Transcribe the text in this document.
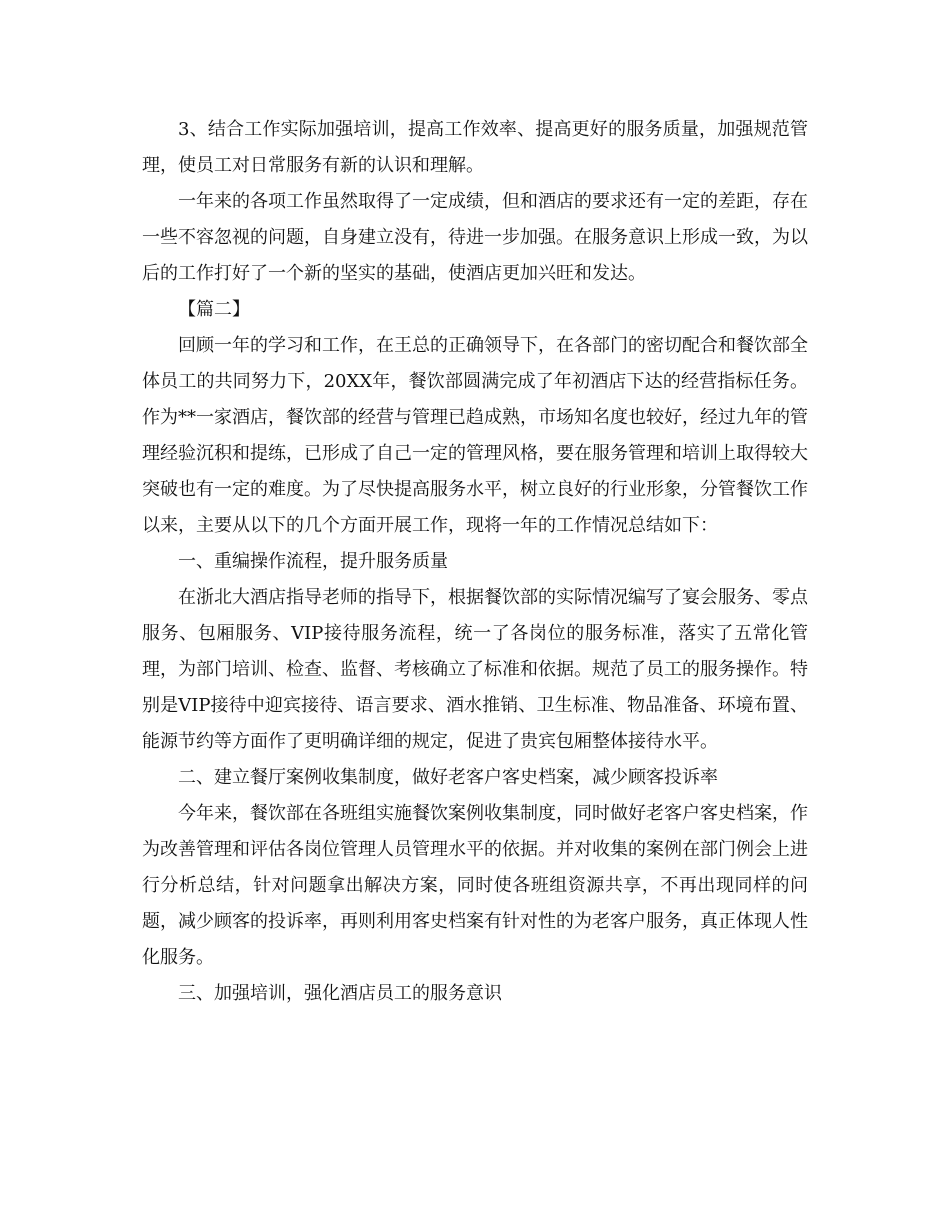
3、结合工作实际加强培训，提高工作效率、提高更好的服务质量，加强规范管理，使员工对日常服务有新的认识和理解。

一年来的各项工作虽然取得了一定成绩，但和酒店的要求还有一定的差距，存在一些不容忽视的问题，自身建立没有，待进一步加强。在服务意识上形成一致，为以后的工作打好了一个新的坚实的基础，使酒店更加兴旺和发达。

【篇二】

回顾一年的学习和工作，在王总的正确领导下，在各部门的密切配合和餐饮部全体员工的共同努力下，20XX年，餐饮部圆满完成了年初酒店下达的经营指标任务。作为**一家酒店，餐饮部的经营与管理已趋成熟，市场知名度也较好，经过九年的管理经验沉积和提练，已形成了自己一定的管理风格，要在服务管理和培训上取得较大突破也有一定的难度。为了尽快提高服务水平，树立良好的行业形象，分管餐饮工作以来，主要从以下的几个方面开展工作，现将一年的工作情况总结如下：

一、重编操作流程，提升服务质量

在浙北大酒店指导老师的指导下，根据餐饮部的实际情况编写了宴会服务、零点服务、包厢服务、VIP接待服务流程，统一了各岗位的服务标准，落实了五常化管理，为部门培训、检查、监督、考核确立了标准和依据。规范了员工的服务操作。特别是VIP接待中迎宾接待、语言要求、酒水推销、卫生标准、物品准备、环境布置、能源节约等方面作了更明确详细的规定，促进了贵宾包厢整体接待水平。

二、建立餐厅案例收集制度，做好老客户客史档案，减少顾客投诉率

今年来，餐饮部在各班组实施餐饮案例收集制度，同时做好老客户客史档案，作为改善管理和评估各岗位管理人员管理水平的依据。并对收集的案例在部门例会上进行分析总结，针对问题拿出解决方案，同时使各班组资源共享，不再出现同样的问题，减少顾客的投诉率，再则利用客史档案有针对性的为老客户服务，真正体现人性化服务。

三、加强培训，强化酒店员工的服务意识
